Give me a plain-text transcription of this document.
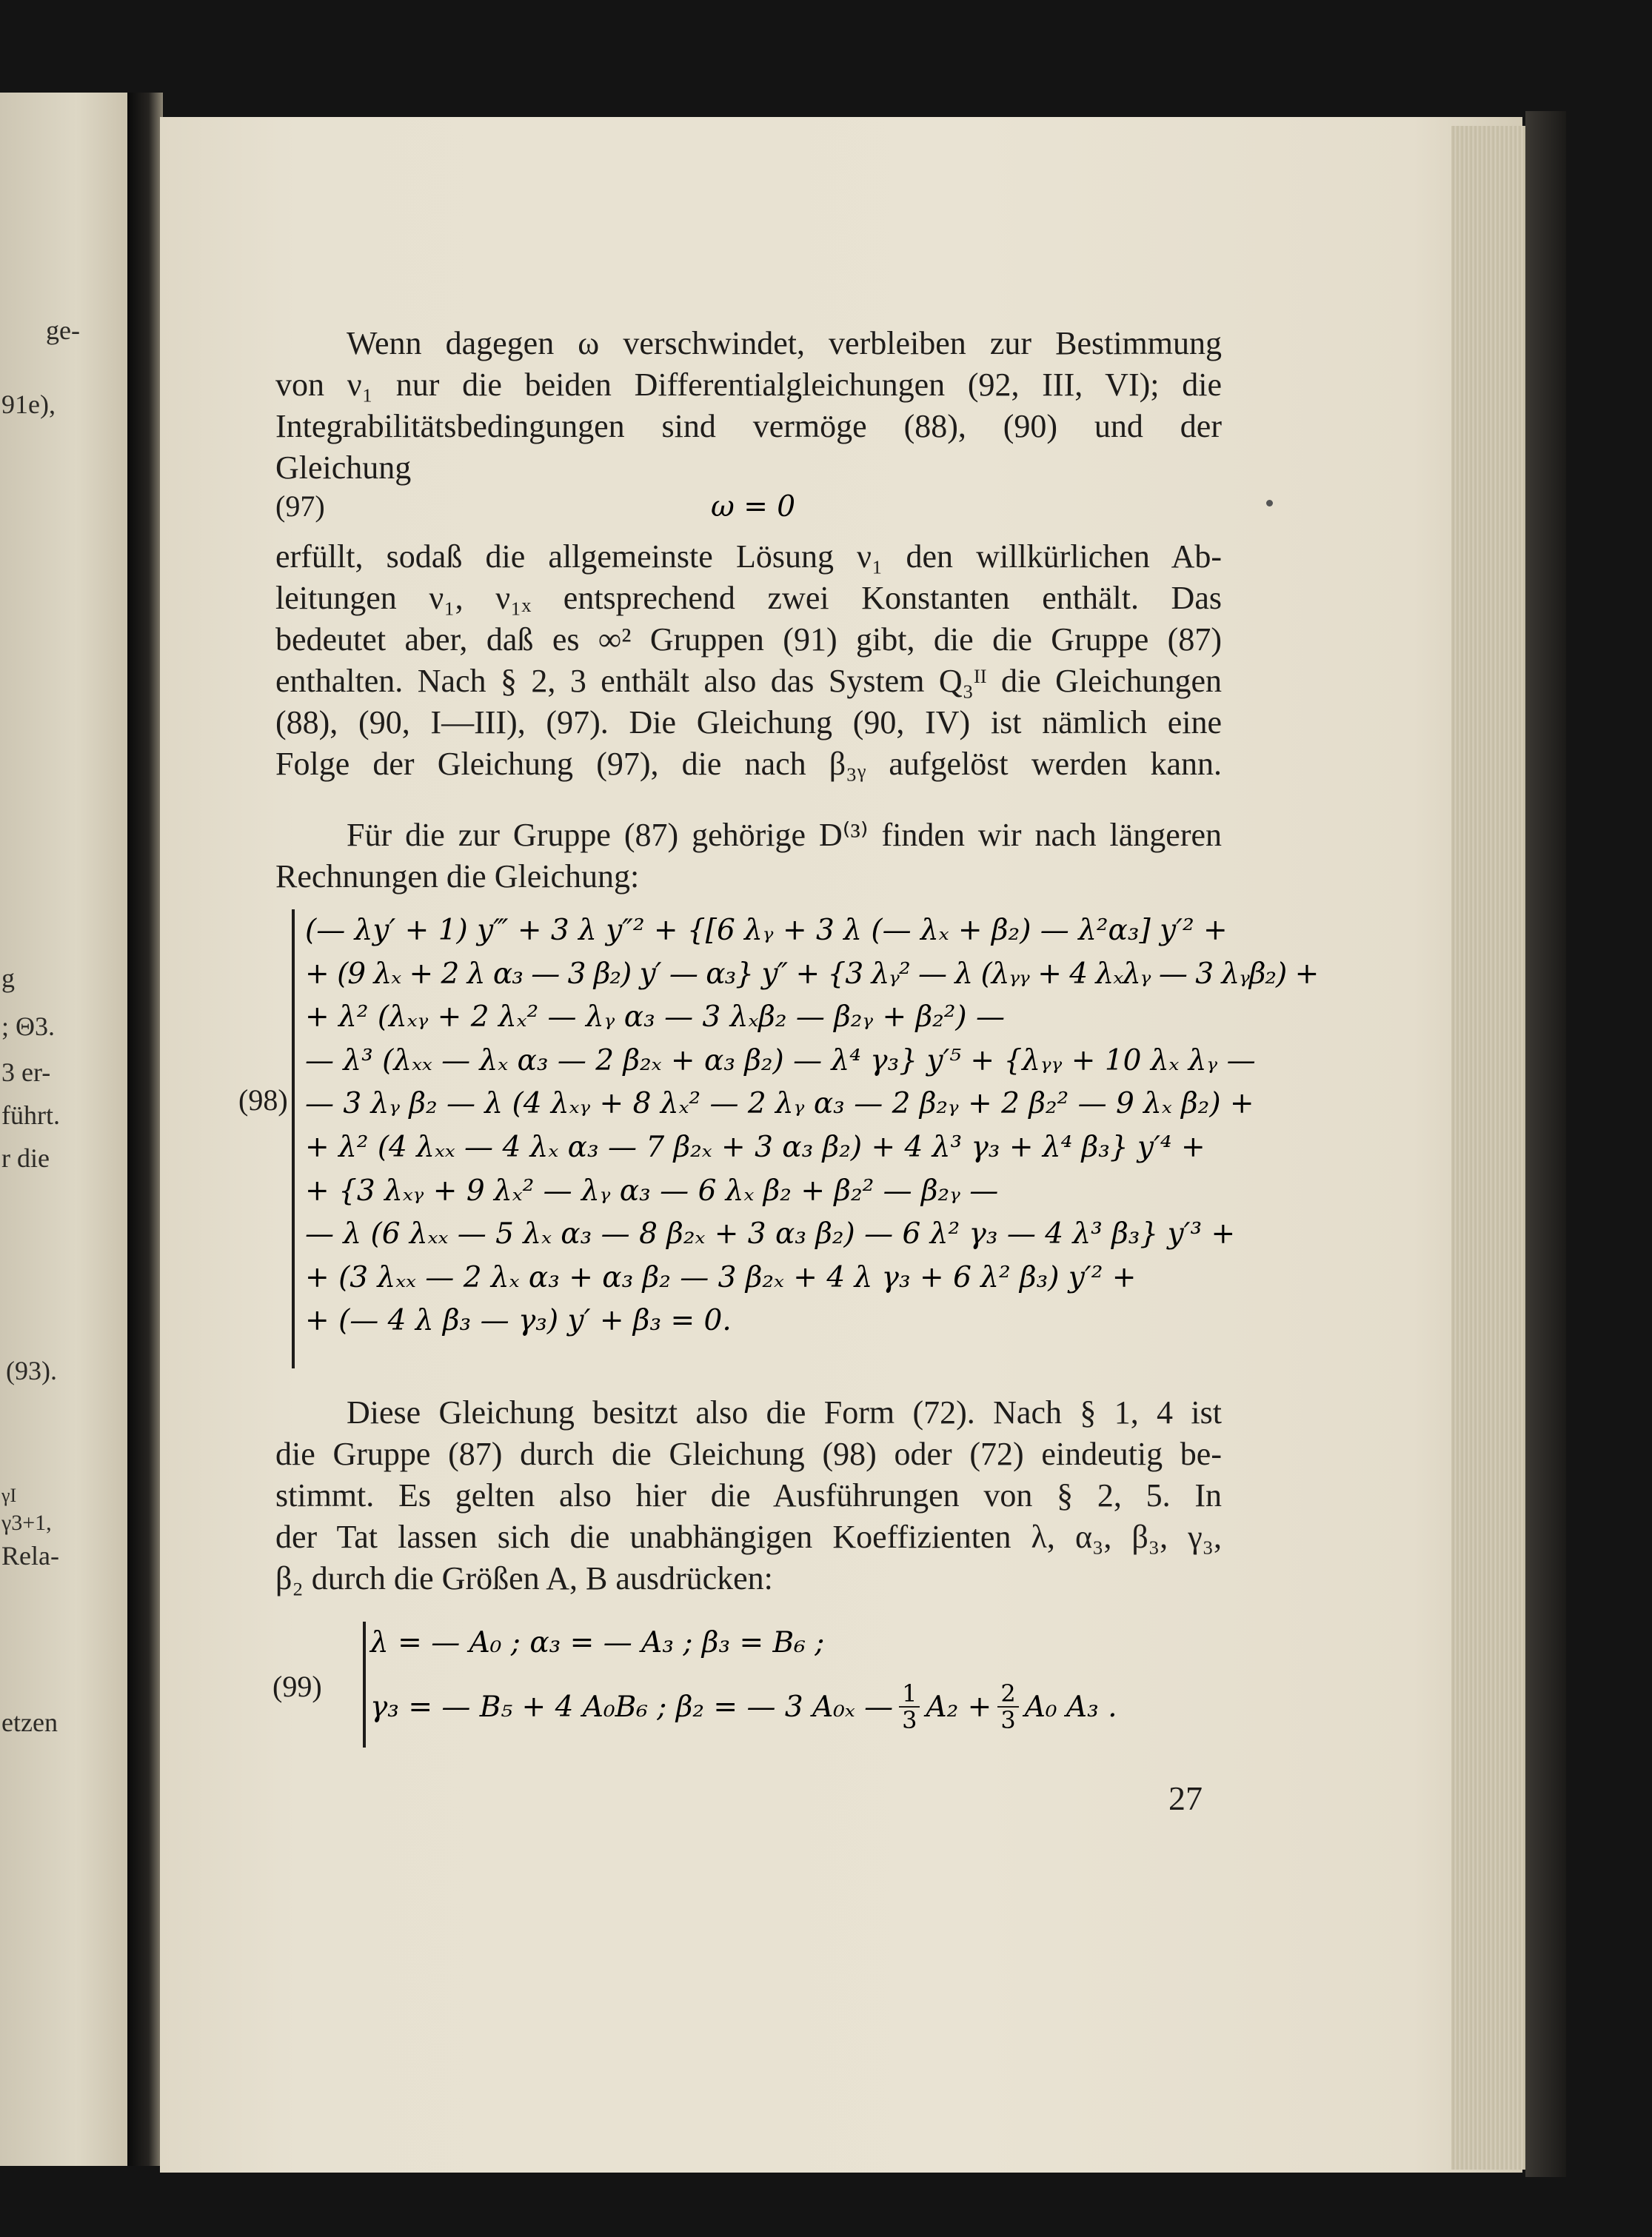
ge-
91e),
g
; Θ3.
3 er-
führt.
r die
(93).
γI
γ3+1,
Rela-
etzen
Wenn dagegen ω verschwindet, verbleiben zur Bestimmung
von ν₁ nur die beiden Differentialgleichungen (92, III, VI); die
Integrabilitätsbedingungen sind vermöge (88), (90) und der
Gleichung
(97)	ω = 0
erfüllt, sodaß die allgemeinste Lösung ν₁ den willkürlichen Ab-
leitungen ν₁, ν₁ₓ entsprechend zwei Konstanten enthält. Das
bedeutet aber, daß es ∞² Gruppen (91) gibt, die die Gruppe (87)
enthalten. Nach § 2, 3 enthält also das System Q₃ᴵᴵ die Gleichungen
(88), (90, I—III), (97). Die Gleichung (90, IV) ist nämlich eine
Folge der Gleichung (97), die nach β₃ᵧ aufgelöst werden kann.
Für die zur Gruppe (87) gehörige D⁽³⁾ finden wir nach längeren
Rechnungen die Gleichung:
(98)
(— λy′ + 1) y‴ + 3 λ y″² + {[6 λᵧ + 3 λ (— λₓ + β₂) — λ²α₃] y′² +
+ (9 λₓ + 2 λ α₃ — 3 β₂) y′ — α₃} y″ + {3 λᵧ² — λ (λᵧᵧ + 4 λₓλᵧ — 3 λᵧβ₂) +
+ λ² (λₓᵧ + 2 λₓ² — λᵧ α₃ — 3 λₓβ₂ — β₂ᵧ + β₂²) —
— λ³ (λₓₓ — λₓ α₃ — 2 β₂ₓ + α₃ β₂) — λ⁴ γ₃} y′⁵ + {λᵧᵧ + 10 λₓ λᵧ —
— 3 λᵧ β₂ — λ (4 λₓᵧ + 8 λₓ² — 2 λᵧ α₃ — 2 β₂ᵧ + 2 β₂² — 9 λₓ β₂) +
+ λ² (4 λₓₓ — 4 λₓ α₃ — 7 β₂ₓ + 3 α₃ β₂) + 4 λ³ γ₃ + λ⁴ β₃} y′⁴ +
+ {3 λₓᵧ + 9 λₓ² — λᵧ α₃ — 6 λₓ β₂ + β₂² — β₂ᵧ —
— λ (6 λₓₓ — 5 λₓ α₃ — 8 β₂ₓ + 3 α₃ β₂) — 6 λ² γ₃ — 4 λ³ β₃} y′³ +
+ (3 λₓₓ — 2 λₓ α₃ + α₃ β₂ — 3 β₂ₓ + 4 λ γ₃ + 6 λ² β₃) y′² +
+ (— 4 λ β₃ — γ₃) y′ + β₃ = 0.
Diese Gleichung besitzt also die Form (72). Nach § 1, 4 ist
die Gruppe (87) durch die Gleichung (98) oder (72) eindeutig be-
stimmt. Es gelten also hier die Ausführungen von § 2, 5. In
der Tat lassen sich die unabhängigen Koeffizienten λ, α₃, β₃, γ₃,
β₂ durch die Größen A, B ausdrücken:
(99)
λ = — A₀ ; α₃ = — A₃ ; β₃ = B₆ ;
γ₃ = — B₅ + 4 A₀B₆ ; β₂ = — 3 A₀ₓ — $\frac{1}{3} A_2 + \frac{2}{3} A_0$ A₃ .
27
